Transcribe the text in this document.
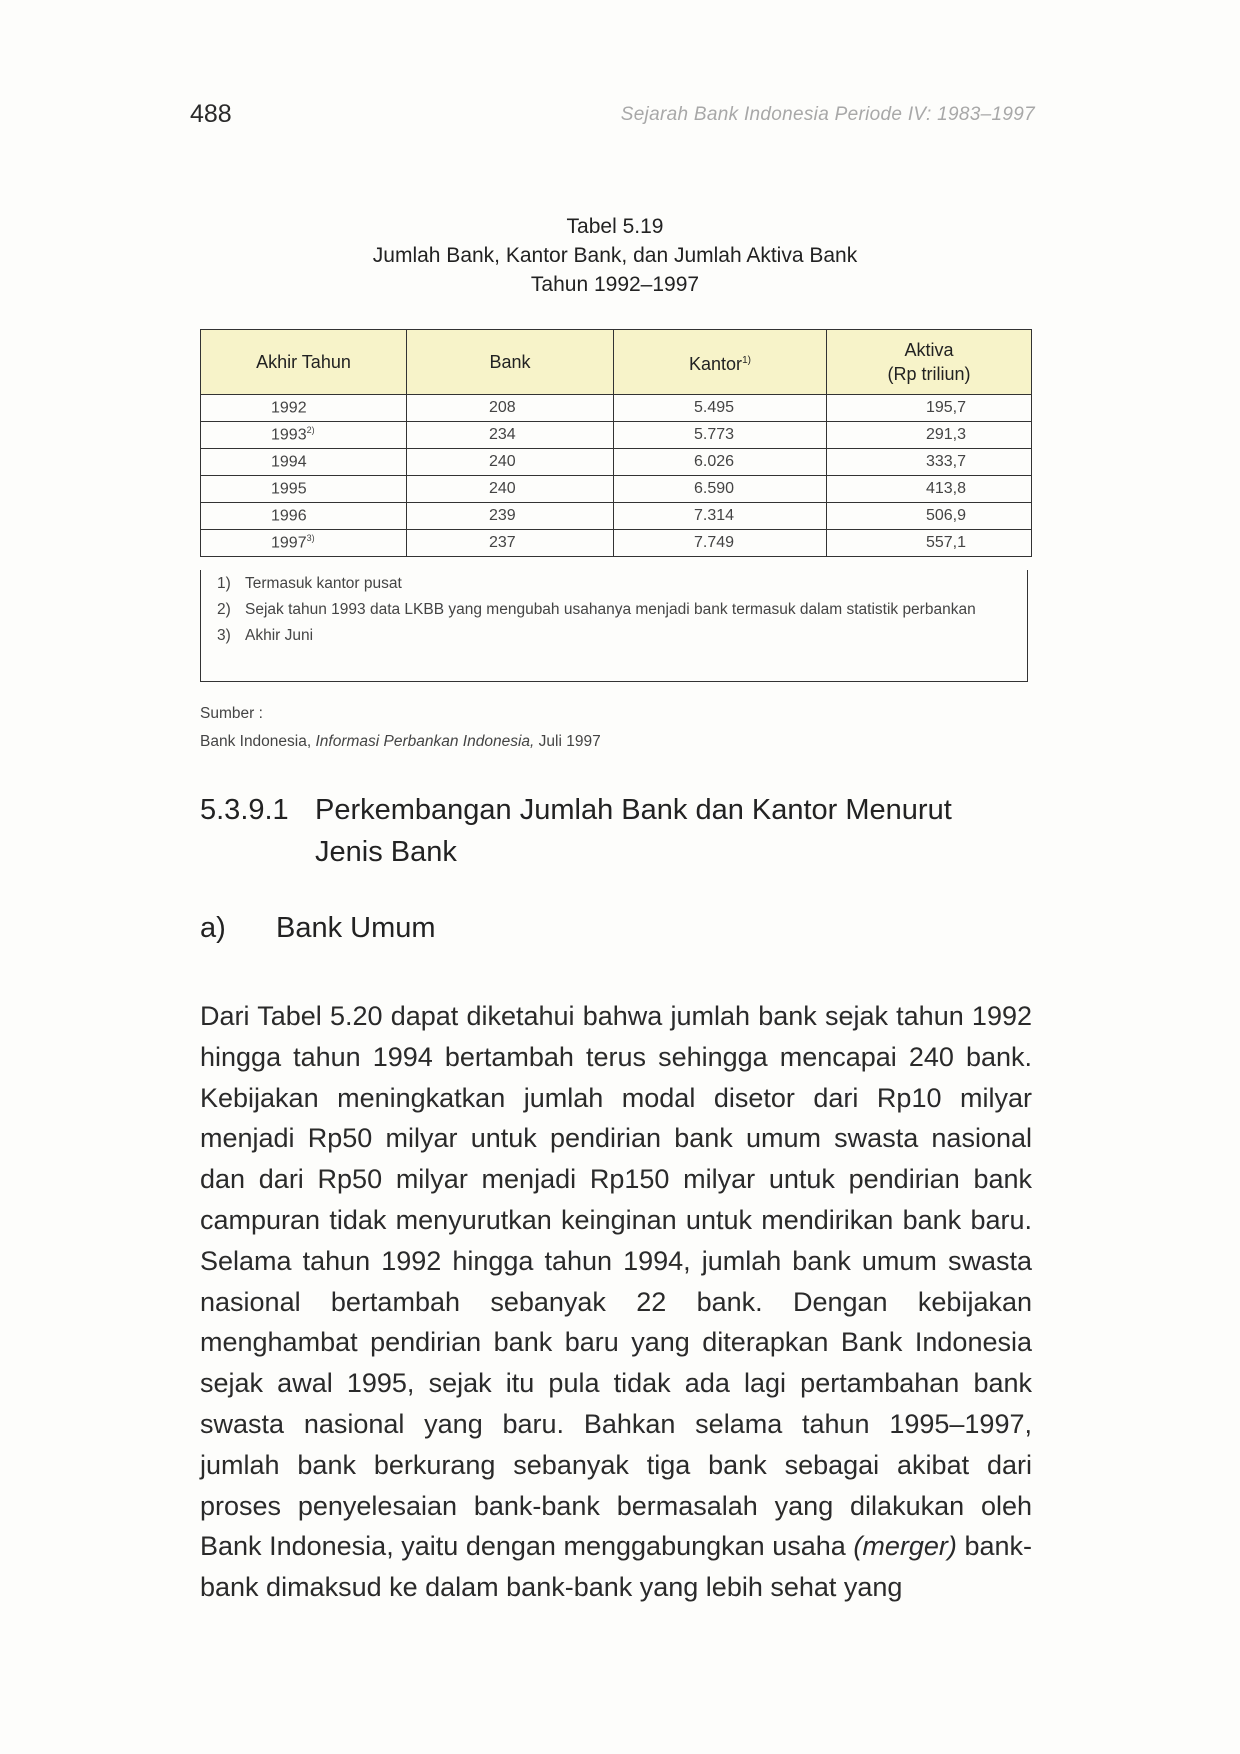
488	Sejarah Bank Indonesia Periode IV: 1983–1997
Tabel 5.19
Jumlah Bank, Kantor Bank, dan Jumlah Aktiva Bank
Tahun 1992–1997
Akhir Tahun	Bank	Kantor$^{1)}$	Aktiva
(Rp triliun)
1992	208	5.495	195,7
1993$^{2)}$	234	5.773	291,3
1994	240	6.026	333,7
1995	240	6.590	413,8
1996	239	7.314	506,9
1997$^{3)}$	237	7.749	557,1
1) Termasuk kantor pusat
2) Sejak tahun 1993 data LKBB yang mengubah usahanya menjadi bank termasuk dalam statistik perbankan
3) Akhir Juni
Sumber :
Bank Indonesia, Informasi Perbankan Indonesia, Juli 1997
5.3.9.1 Perkembangan Jumlah Bank dan Kantor Menurut
Jenis Bank
a) Bank Umum
Dari Tabel 5.20 dapat diketahui bahwa jumlah bank sejak tahun 1992 hingga tahun 1994 bertambah terus sehingga mencapai 240 bank. Kebijakan meningkatkan jumlah modal disetor dari Rp10 milyar menjadi Rp50 milyar untuk pendirian bank umum swasta nasional dan dari Rp50 milyar menjadi Rp150 milyar untuk pendirian bank campuran tidak menyurutkan keinginan untuk mendirikan bank baru. Selama tahun 1992 hingga tahun 1994, jumlah bank umum swasta nasional bertambah sebanyak 22 bank. Dengan kebijakan menghambat pendirian bank baru yang diterapkan Bank Indonesia sejak awal 1995, sejak itu pula tidak ada lagi pertambahan bank swasta nasional yang baru. Bahkan selama tahun 1995–1997, jumlah bank berkurang sebanyak tiga bank sebagai akibat dari proses penyelesaian bank-bank bermasalah yang dilakukan oleh Bank Indonesia, yaitu dengan menggabungkan usaha (merger) bank-bank dimaksud ke dalam bank-bank yang lebih sehat yang
